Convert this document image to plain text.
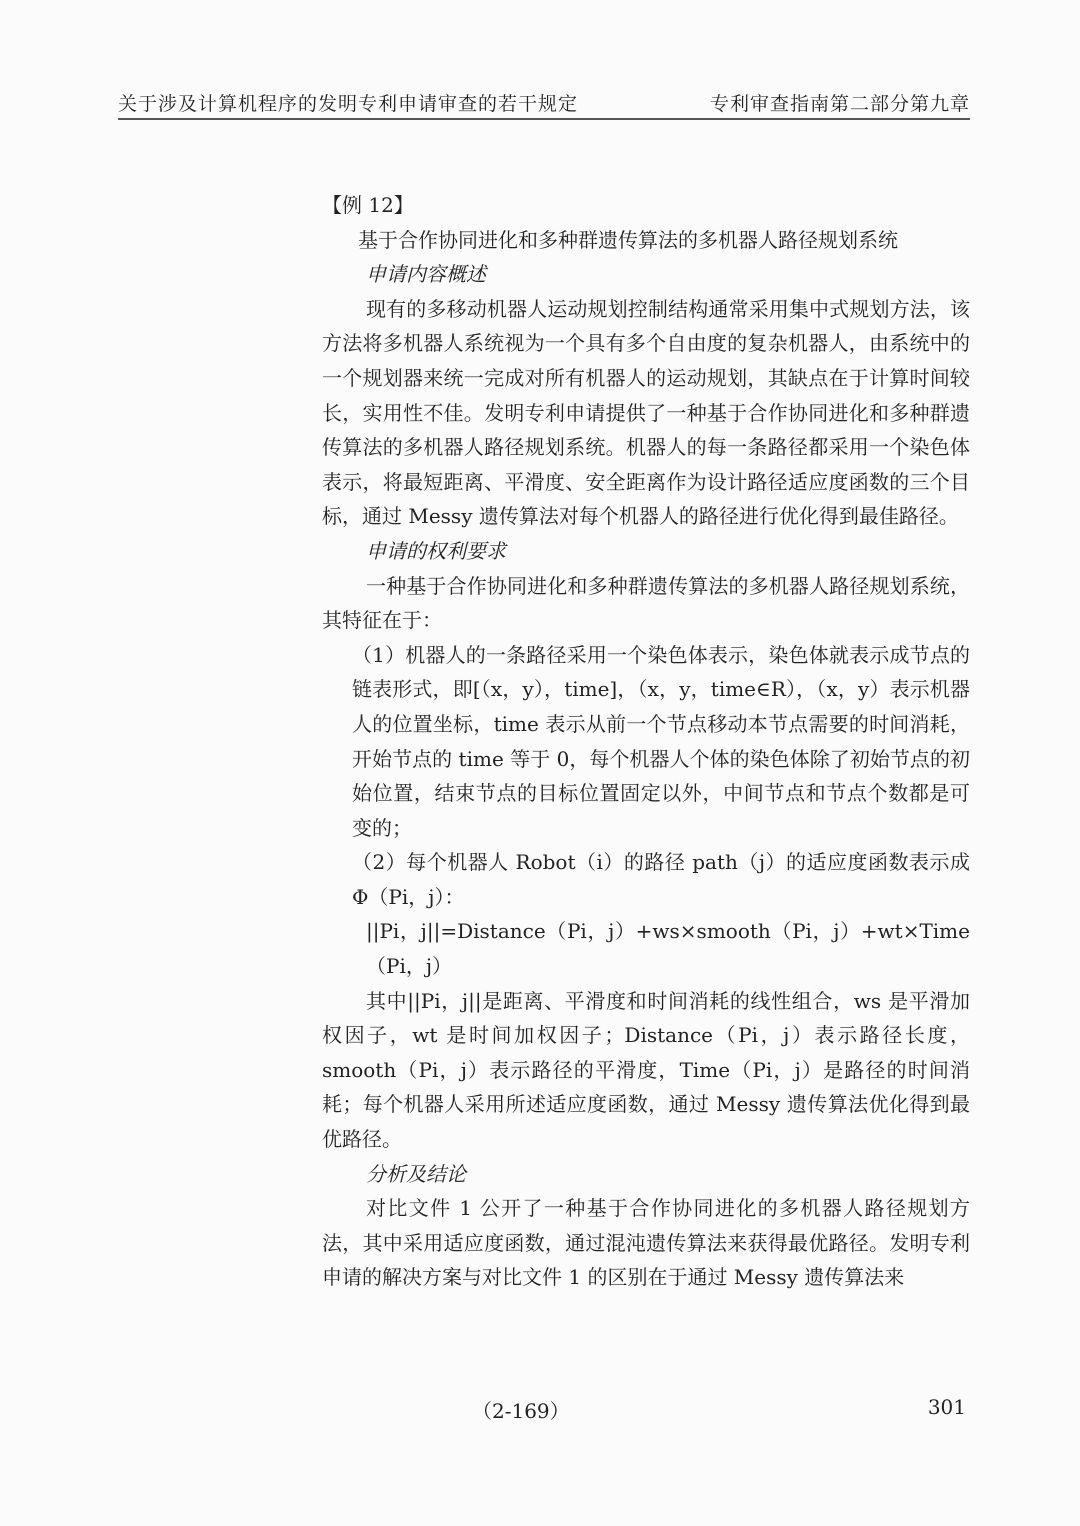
关于涉及计算机程序的发明专利申请审查的若干规定	专利审查指南第二部分第九章

【例 12】

基于合作协同进化和多种群遗传算法的多机器人路径规划系统

申请内容概述

现有的多移动机器人运动规划控制结构通常采用集中式规划方法，该方法将多机器人系统视为一个具有多个自由度的复杂机器人，由系统中的一个规划器来统一完成对所有机器人的运动规划，其缺点在于计算时间较长，实用性不佳。发明专利申请提供了一种基于合作协同进化和多种群遗传算法的多机器人路径规划系统。机器人的每一条路径都采用一个染色体表示，将最短距离、平滑度、安全距离作为设计路径适应度函数的三个目标，通过 Messy 遗传算法对每个机器人的路径进行优化得到最佳路径。

申请的权利要求

一种基于合作协同进化和多种群遗传算法的多机器人路径规划系统，其特征在于：

（1）机器人的一条路径采用一个染色体表示，染色体就表示成节点的链表形式，即[（x，y），time]，（x，y，time∈R），（x，y）表示机器人的位置坐标，time 表示从前一个节点移动本节点需要的时间消耗，开始节点的 time 等于 0，每个机器人个体的染色体除了初始节点的初始位置，结束节点的目标位置固定以外，中间节点和节点个数都是可变的；

（2）每个机器人 Robot（i）的路径 path（j）的适应度函数表示成 Φ（Pi，j）：

||Pi，j||=Distance（Pi，j）+ws×smooth（Pi，j）+wt×Time（Pi，j）

其中||Pi，j||是距离、平滑度和时间消耗的线性组合，ws 是平滑加权因子，wt 是时间加权因子；Distance（Pi，j）表示路径长度，smooth（Pi，j）表示路径的平滑度，Time（Pi，j）是路径的时间消耗；每个机器人采用所述适应度函数，通过 Messy 遗传算法优化得到最优路径。

分析及结论

对比文件 1 公开了一种基于合作协同进化的多机器人路径规划方法，其中采用适应度函数，通过混沌遗传算法来获得最优路径。发明专利申请的解决方案与对比文件 1 的区别在于通过 Messy 遗传算法来

（2-169）	301
